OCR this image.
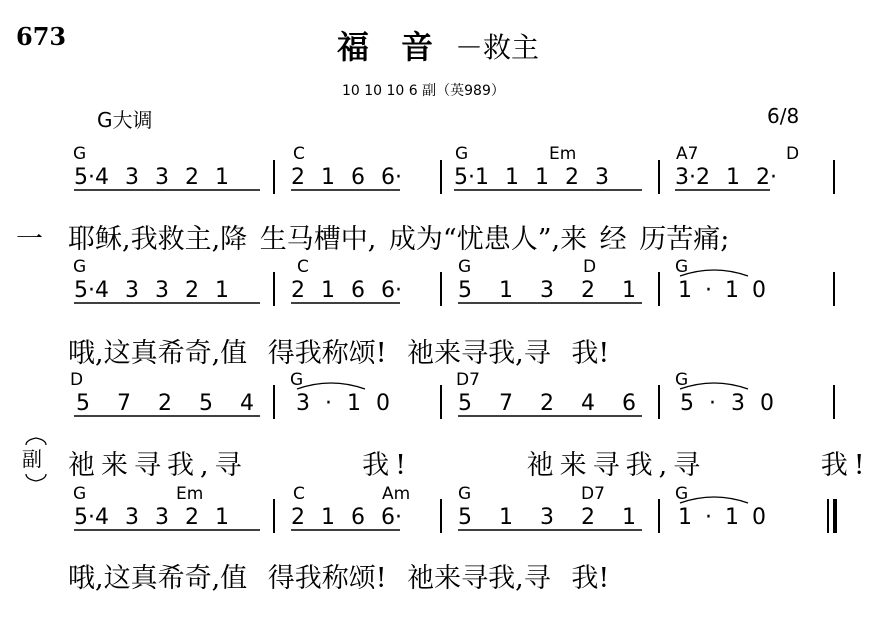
673	福 音 －救主
10 10 10 6 副（英989）
G大调	6/8
G	C	G	Em	A7	D
5·4 3 3 2 1	2 1 6 6· 5·1 1 1 2 3	3·2 1 2·
一 耶稣,我救主,降 生马槽中, 成为“忧患人”,来 经 历苦痛;
G	C	G	D	G
5·4 3 3 2 1	2 1 6 6·	5 1 3 2 1 1 · 1 0
哦,这真希奇,值 得我称颂! 祂来寻我,寻 我!
D	G	D7	G
5 7 2 5 4 3 · 1 0	5 7 2 4 6 5 · 3 0
副 祂来寻我,寻 我! 祂来寻我,寻 我!
G	Em	C	Am	G	D7	G
5·4 3 3 2 1	2 1 6 6·	5 1 3 2 1 1 · 1 0
哦,这真希奇,值 得我称颂! 祂来寻我,寻 我!
